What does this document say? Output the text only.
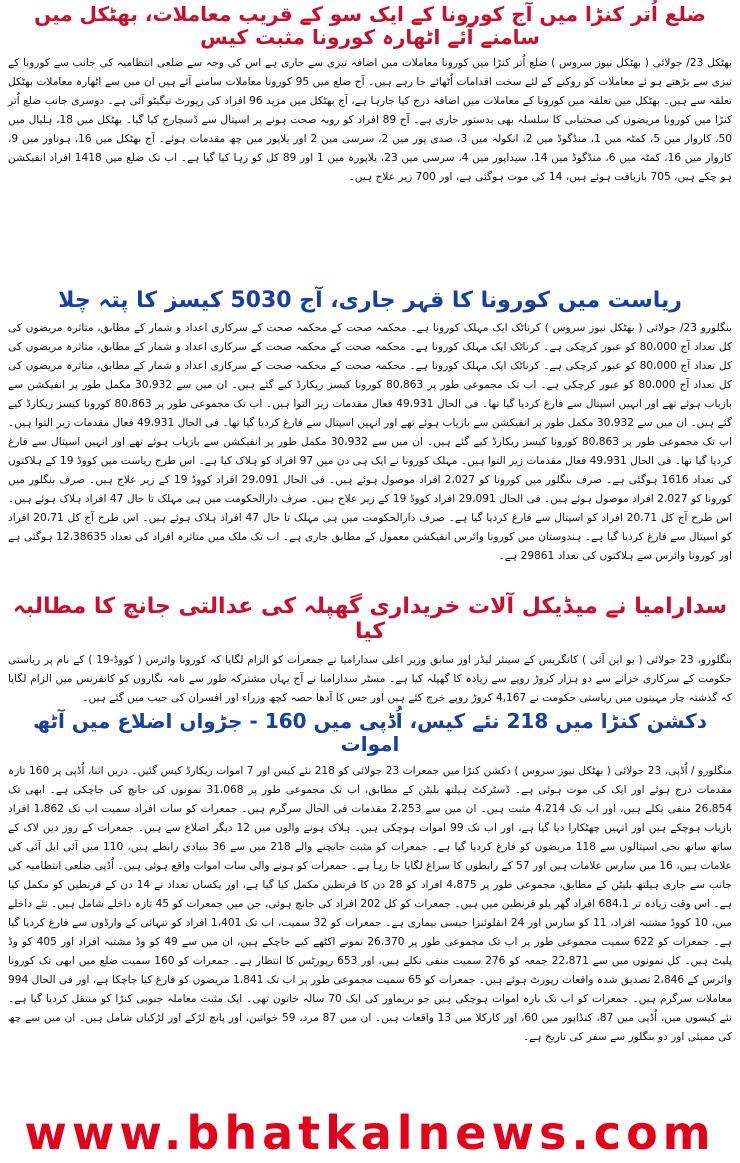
ضلع اُتر کنڑا میں آج کورونا کے ایک سو کے قریب معاملات، بھٹکل میں سامنے آئے اٹھارہ کورونا مثبت کیس

بھٹکل 23/ جولائی ( بھٹکل نیوز سروس ) ضلع اُتر کنڑا میں کورونا معاملات میں اضافہ تیزی سے جاری ہے اس کی وجہ سے ضلعی انتظامیہ کی جانب سے کورونا کے تیزی سے بڑھتے ہو ئے معاملات کو روکنے کے لئے سخت اقدامات اُٹھائے جا رہے ہیں۔ آج ضلع میں 95 کورونا معاملات سامنے آئے ہیں ان میں سے اٹھارہ معاملات بھٹکل تعلقہ سے ہیں۔ بھٹکل میں تعلقہ میں کورونا کے معاملات میں اضافہ درج کیا جارہا ہے، آج بھٹکل میں مزید 96 افراد کی رپورٹ نیگیٹو آئی ہے۔ دوسری جانب ضلع اُتر کنڑا میں کورونا مریضوں کی صحتیابی کا سلسلہ بھی بدستور جاری ہے۔ آج 89 افراد کو روبہ صحت ہونے پر اسپتال سے ڈسچارج کیا گیا۔ بھٹکل میں 18، ہلیال میں 50، کاروار میں 5، کمٹہ میں 1، منڈگوڈ میں 2، انکولہ میں 3، صدی پور میں 2، سرسی میں 2 اور یلاپور میں چھ مقدمات ہوئے۔ آج بھٹکل میں 16، ہوناور میں 9، کاروار میں 16، کمٹہ میں 6، منڈگوڈ میں 14، سیداپور میں 4، سرسی میں 23، یلاپورہ میں 1 اور 89 کل کو رہا کیا گیا ہے۔ اب تک ضلع میں 1418 افراد انفیکشن ہو چکے ہیں، 705 بازیافت ہوئے ہیں، 14 کی موت ہوگئی ہے، اور 700 زیر علاج ہیں۔

ریاست میں کورونا کا قہر جاری، آج 5030 کیسز کا پتہ چلا

بنگلورو 23/ جولائی ( بھٹکل نیوز سروس ) کرناٹک ایک مہلک کورونا ہے۔ محکمہ صحت کے محکمہ صحت کے سرکاری اعداد و شمار کے مطابق، متاثرہ مریضوں کی کل تعداد آج 80،000 کو عبور کرچکی ہے۔ کرناٹک ایک مہلک کورونا ہے۔ محکمہ صحت کے محکمہ صحت کے سرکاری اعداد و شمار کے مطابق، متاثرہ مریضوں کی کل تعداد آج 80،000 کو عبور کرچکی ہے۔ کرناٹک ایک مہلک کورونا ہے۔ محکمہ صحت کے محکمہ صحت کے سرکاری اعداد و شمار کے مطابق، متاثرہ مریضوں کی کل تعداد آج 80،000 کو عبور کرچکی ہے۔ اب تک مجموعی طور پر 80،863 کورونا کیسز ریکارڈ کیے گئے ہیں۔ ان میں سے 30،932 مکمل طور پر انفیکشن سے بازیاب ہوئے تھے اور انہیں اسپتال سے فارغ کردیا گیا تھا۔ فی الحال 49،931 فعال مقدمات زیر التوا ہیں۔ اب تک مجموعی طور پر 80،863 کورونا کیسز ریکارڈ کیے گئے ہیں۔ ان میں سے 30،932 مکمل طور پر انفیکشن سے بازیاب ہوئے تھے اور انہیں اسپتال سے فارغ کردیا گیا تھا۔ فی الحال 49،931 فعال مقدمات زیر التوا ہیں۔ اب تک مجموعی طور پر 80،863 کورونا کیسز ریکارڈ کیے گئے ہیں۔ ان میں سے 30،932 مکمل طور پر انفیکشن سے بازیاب ہوئے تھے اور انہیں اسپتال سے فارغ کردیا گیا تھا۔ فی الحال 49،931 فعال مقدمات زیر التوا ہیں۔ مہلک کورونا نے ایک ہی دن میں 97 افراد کو ہلاک کیا ہے۔ اس طرح ریاست میں کووڈ 19 کے ہلاکتوں کی تعداد 1616 ہوگئی ہے۔ صرف بنگلور میں کورونا کو 2،027 افراد موصول ہوئے ہیں۔ فی الحال 29،091 افراد کووڈ 19 کے زیر علاج ہیں۔ صرف بنگلور میں کورونا کو 2،027 افراد موصول ہوئے ہیں۔ فی الحال 29،091 افراد کووڈ 19 کے زیر علاج ہیں۔ صرف دارالحکومت میں ہی مہلک تا حال 47 افراد ہلاک ہوئے ہیں۔ اس طرح آج کل 20،71 افراد کو اسپتال سے فارغ کردیا گیا ہے۔ صرف دارالحکومت میں ہی مہلک تا حال 47 افراد ہلاک ہوئے ہیں۔ اس طرح آج کل 20،71 افراد کو اسپتال سے فارغ کردیا گیا ہے۔ ہندوستان میں کورونا وائرس انفیکشن معمول کے مطابق جاری ہے۔ اب تک ملک میں متاثرہ افراد کی تعداد 12،38635 ہوگئی ہے اور کورونا وائرس سے ہلاکتوں کی تعداد 29861 ہے۔

سدارامیا نے میڈیکل آلات خریداری گھپلہ کی عدالتی جانچ کا مطالبہ کیا

بنگلورو، 23 جولائی ( یو این آئی ) کانگریس کے سینئر لیڈر اور سابق وزیر اعلی سدارامیا نے جمعرات کو الزام لگایا کہ کورونا وائرس ( کووڈ-19 ) کے نام پر ریاستی حکومت کے سرکاری خزانے سے دو ہزار کروڑ روپے سے زیادہ کا گھپلہ کیا ہے۔ مسٹر سدارامیا نے آج یہاں مشترکہ طور سے نامہ نگاروں کو کانفرنس میں الزام لگایا کہ گذشتہ چار مہینوں میں ریاستی حکومت نے 4,167 کروڑ روپے خرچ کئے ہیں اور جس کا آدھا حصہ کچھ وزراء اور افسران کی جیب میں گئے ہیں۔

دکشن کنڑا میں 218 نئے کیس، اُڈپی میں 160 - جڑواں اضلاع میں آٹھ اموات

منگلورو / اُڈپی، 23 جولائی ( بھٹکل نیوز سروس ) دکشن کنڑا میں جمعرات 23 جولائی کو 218 نئے کیس اور 7 اموات ریکارڈ کیس گئیں۔ دریں اثنا، اُڈپی پر 160 تازہ مقدمات درج ہوئے اور ایک کی موت ہوئی ہے۔ ڈسٹرکٹ ہیلتھ بلیٹن کے مطابق، اب تک مجموعی طور پر 31،068 نمونوں کی جانچ کی جاچکی ہے۔ ابھی تک 26،854 منفی نکلے ہیں، اور اب تک 4،214 مثبت ہیں۔ ان میں سے 2،253 مقدمات فی الحال سرگرم ہیں۔ جمعرات کو سات افراد سمیت اب تک 1،862 افراد بازیاب ہوچکے ہیں اور انہیں چھٹکارا دیا گیا ہے، اور اب تک 99 اموات ہوچکی ہیں۔ ہلاک ہونے والوں میں 12 دیگر اضلاع سے ہیں۔ جمعرات کے روز دین لاک کے ساتھ ساتھ نجی اسپتالوں سے 118 مریضوں کو فارغ کردیا گیا ہے۔ جمعرات کو مثبت جانچنے والے 218 میں سے 36 بنیادی رابطے ہیں، 110 میں آئی ایل آئی کی علامات ہیں، 16 میں سارس علامات ہیں اور 57 کے رابطوں کا سراغ لگایا جا رہا ہے۔ جمعرات کو ہونے والی سات اموات واقع ہوئی ہیں۔ اُڈپی ضلعی انتظامیہ کی جانب سے جاری ہیلتھ بلیٹن کے مطابق، مجموعی طور پر 4،875 افراد کو 28 دن کا قرنطین مکمل کیا گیا ہے، اور یکساں تعداد نے 14 دن کے قرنطین کو مکمل کیا ہے۔ اس وقت زیادہ تر 684،1 افراد گھر یلو قرنطین میں ہیں۔ جمعرات کو کل 202 افراد کی جانچ ہوئی، جن میں جمعرات کو 45 تازہ داخلے شامل ہیں۔ نئے داخلے میں، 10 کووڈ مشتبہ افراد، 11 کو سارس اور 24 انفلوئنزا جیسی بیماری ہے۔ جمعرات کو 32 سمیت، اب تک 1،401 افراد کو تنہائی کے وارڈوں سے فارغ کردیا گیا ہے۔ جمعرات کو 622 سمیت مجموعی طور پر اب تک مجموعی طور پر 26،370 نمونے اکٹھے کیے جاچکے ہیں، ان میں سے 49 کو وڈ مشتبہ افراد اور 405 کو وڈ پلیٹ ہیں۔ کل نمونوں میں سے 22،871 جمعہ کو 276 سمیت منفی نکلے ہیں، اور 653 رپورٹس کا انتظار ہے۔ جمعرات کو 160 سمیت ضلع میں ابھی تک کورونا وائرس کے 2،846 تصدیق شدہ واقعات رپورٹ ہوئے ہیں۔ جمعرات کو 65 سمیت مجموعی طور پر اب تک 1،841 مریضوں کو فارغ کیا جاچکا ہے، اور فی الحال 994 معاملات سرگرم ہیں۔ جمعرات کو اب تک بارہ اموات ہوچکی ہیں جو بریماور کی ایک 70 سالہ خاتون تھی۔ ایک مثبت معاملہ جنوبی کنڑا کو منتقل کردیا گیا ہے۔ نئے کیسوں میں، اُڈپی میں 87، کنڈاپور میں 60، اور کارکلا میں 13 واقعات ہیں۔ ان میں 87 مرد، 59 خواتین، اور پانچ لڑکے اور لڑکیاں شامل ہیں۔ ان میں سے چھ کی ممبئی اور دو بنگلور سے سفر کی تاریخ ہے۔

www.bhatkalnews.com
